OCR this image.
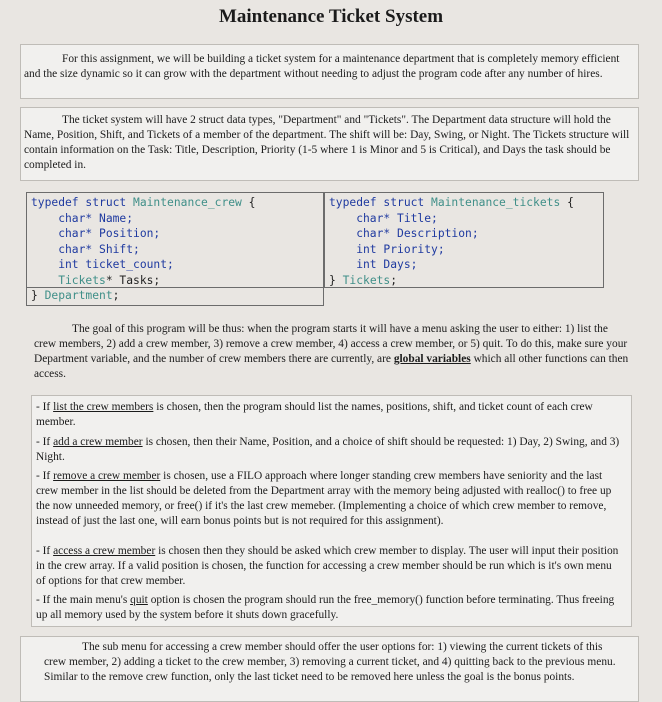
Maintenance Ticket System

For this assignment, we will be building a ticket system for a maintenance department that is completely memory efficient and the size dynamic so it can grow with the department without needing to adjust the program code after any number of hires.

The ticket system will have 2 struct data types, "Department" and "Tickets". The Department data structure will hold the Name, Position, Shift, and Tickets of a member of the department. The shift will be: Day, Swing, or Night. The Tickets structure will contain information on the Task: Title, Description, Priority (1-5 where 1 is Minor and 5 is Critical), and Days the task should be completed in.

typedef struct Maintenance_crew {
char* Name;
char* Position;
char* Shift;
int ticket_count;
Tickets* Tasks;
} Department;
typedef struct Maintenance_tickets {
char* Title;
char* Description;
int Priority;
int Days;
} Tickets;

The goal of this program will be thus: when the program starts it will have a menu asking the user to either: 1) list the crew members, 2) add a crew member, 3) remove a crew member, 4) access a crew member, or 5) quit. To do this, make sure your Department variable, and the number of crew members there are currently, are global variables which all other functions can then access.

- If list the crew members is chosen, then the program should list the names, positions, shift, and ticket count of each crew member.

- If add a crew member is chosen, then their Name, Position, and a choice of shift should be requested: 1) Day, 2) Swing, and 3) Night.

- If remove a crew member is chosen, use a FILO approach where longer standing crew members have seniority and the last crew member in the list should be deleted from the Department array with the memory being adjusted with realloc() to free up the now unneeded memory, or free() if it's the last crew memeber. (Implementing a choice of which crew member to remove, instead of just the last one, will earn bonus points but is not required for this assignment).

- If access a crew member is chosen then they should be asked which crew member to display. The user will input their position in the crew array. If a valid position is chosen, the function for accessing a crew member should be run which is it's own menu of options for that crew member.

- If the main menu's quit option is chosen the program should run the free_memory() function before terminating. Thus freeing up all memory used by the system before it shuts down gracefully.

The sub menu for accessing a crew member should offer the user options for: 1) viewing the current tickets of this crew member, 2) adding a ticket to the crew member, 3) removing a current ticket, and 4) quitting back to the previous menu. Similar to the remove crew function, only the last ticket need to be removed here unless the goal is the bonus points.
